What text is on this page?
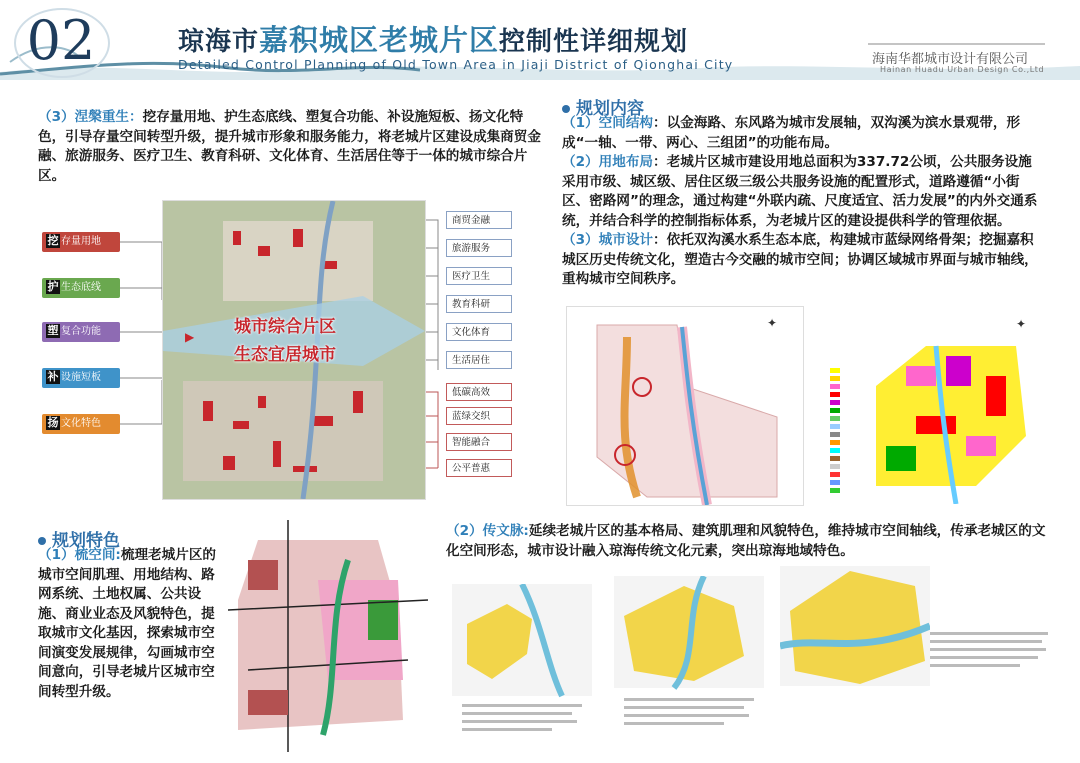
02	琼海市嘉积城区老城片区控制性详细规划
Detailed Control Planning of Old Town Area in Jiaji District of Qionghai City	海南华都城市设计有限公司
Hainan Huadu Urban Design Co.,Ltd
（3）涅槃重生：挖存量用地、护生态底线、塑复合功能、补设施短板、扬文化特色，引导存量空间转型升级，提升城市形象和服务能力，将老城片区建设成集商贸金融、旅游服务、医疗卫生、教育科研、文化体育、生活居住等于一体的城市综合片区。
挖 存量用地
护 生态底线
塑 复合功能
补 设施短板
扬 文化特色
▶ 城市综合片区
生态宜居城市
商贸金融
旅游服务
医疗卫生
教育科研
文化体育
生活居住
低碳高效
蓝绿交织
智能融合
公平普惠
规划内容
（1）空间结构：以金海路、东风路为城市发展轴，双沟溪为滨水景观带，形成“一轴、一带、两心、三组团”的功能布局。
（2）用地布局：老城片区城市建设用地总面积为337.72公顷，公共服务设施采用市级、城区级、居住区级三级公共服务设施的配置形式，道路遵循“小街区、密路网”的理念，通过构建“外联内疏、尺度适宜、活力发展”的内外交通系统，并结合科学的控制指标体系，为老城片区的建设提供科学的管理依据。
（3）城市设计：依托双沟溪水系生态本底，构建城市蓝绿网络骨架；挖掘嘉积城区历史传统文化，塑造古今交融的城市空间；协调区域城市界面与城市轴线，重构城市空间秩序。
✦	✦
规划特色
（1）梳空间:梳理老城片区的城市空间肌理、用地结构、路网系统、土地权属、公共设施、商业业态及风貌特色，提取城市文化基因，探索城市空间演变发展规律，勾画城市空间意向，引导老城片区城市空间转型升级。
（2）传文脉:延续老城片区的基本格局、建筑肌理和风貌特色，维持城市空间轴线，传承老城区的文化空间形态，城市设计融入琼海传统文化元素，突出琼海地域特色。
